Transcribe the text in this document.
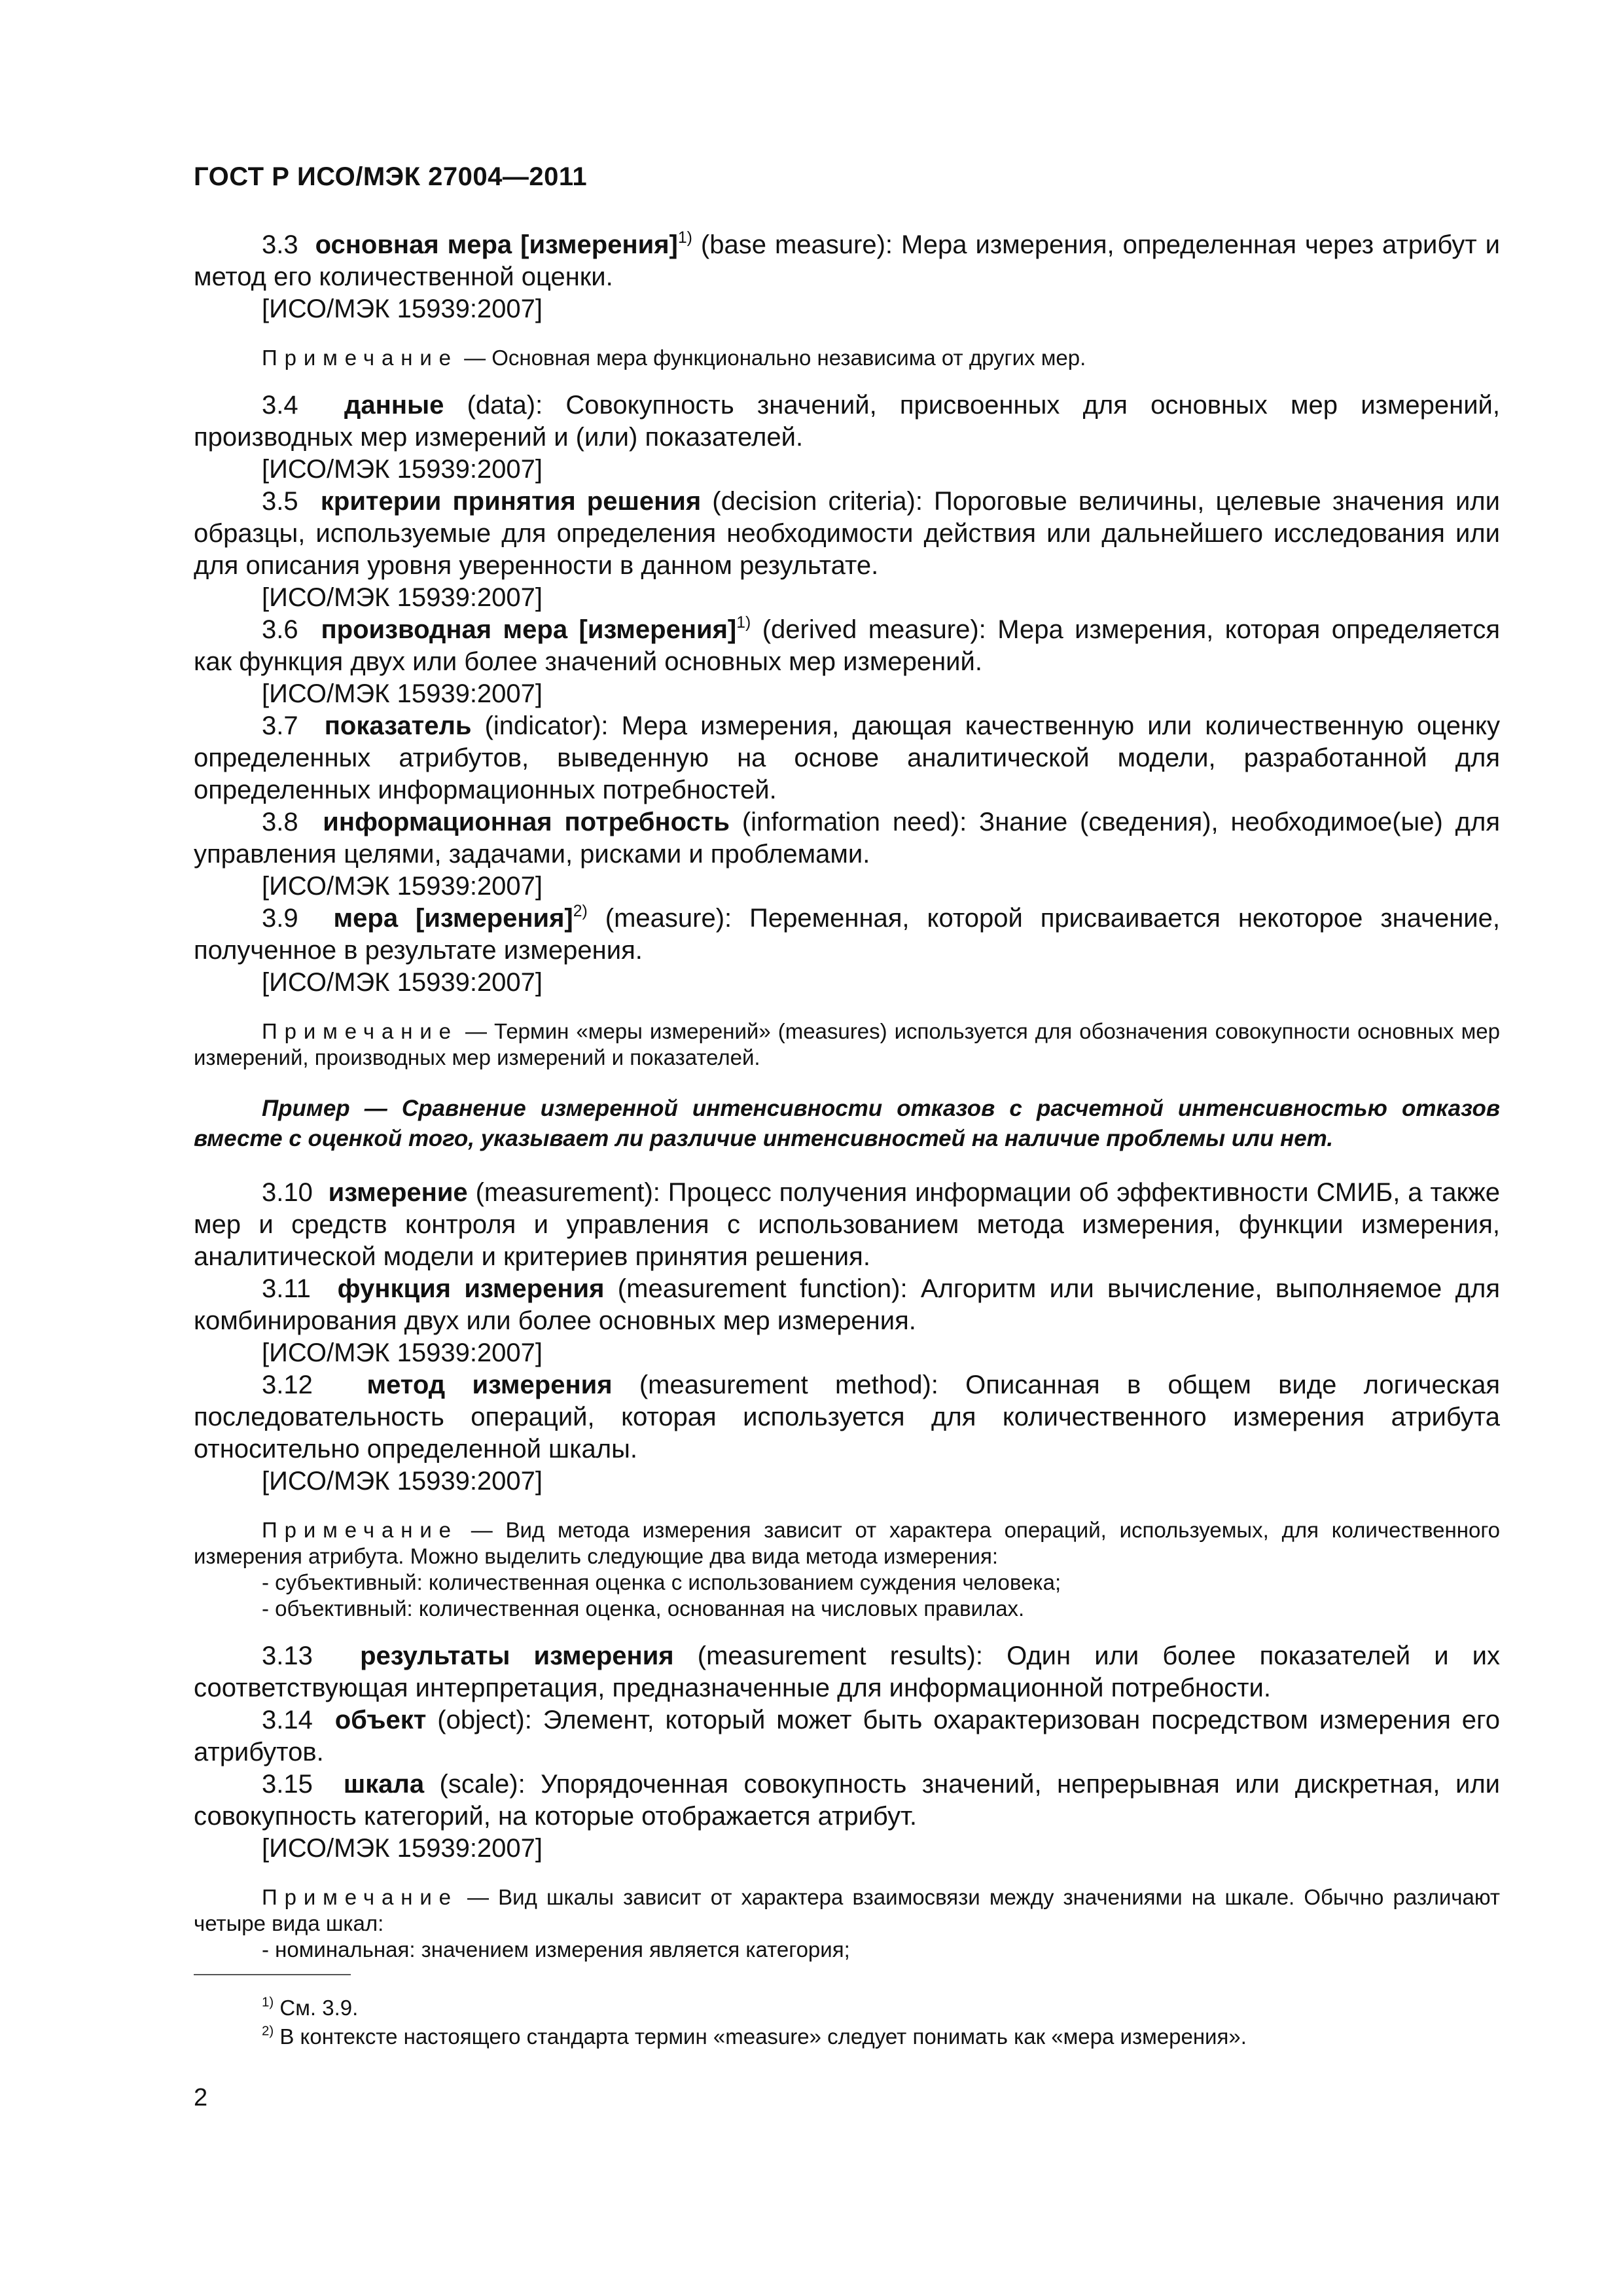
ГОСТ Р ИСО/МЭК 27004—2011

3.3 основная мера [измерения]$^{1)}$ (base measure): Мера измерения, определенная через атрибут и метод его количественной оценки.

[ИСО/МЭК 15939:2007]

Примечание — Основная мера функционально независима от других мер.

3.4 данные (data): Совокупность значений, присвоенных для основных мер измерений, производных мер измерений и (или) показателей.

[ИСО/МЭК 15939:2007]

3.5 критерии принятия решения (decision criteria): Пороговые величины, целевые значения или образцы, используемые для определения необходимости действия или дальнейшего исследования или для описания уровня уверенности в данном результате.

[ИСО/МЭК 15939:2007]

3.6 производная мера [измерения]$^{1)}$ (derived measure): Мера измерения, которая определяется как функция двух или более значений основных мер измерений.

[ИСО/МЭК 15939:2007]

3.7 показатель (indicator): Мера измерения, дающая качественную или количественную оценку определенных атрибутов, выведенную на основе аналитической модели, разработанной для определенных информационных потребностей.

3.8 информационная потребность (information need): Знание (сведения), необходимое(ые) для управления целями, задачами, рисками и проблемами.

[ИСО/МЭК 15939:2007]

3.9 мера [измерения]$^{2)}$ (measure): Переменная, которой присваивается некоторое значение, полученное в результате измерения.

[ИСО/МЭК 15939:2007]

Примечание — Термин «меры измерений» (measures) используется для обозначения совокупности основных мер измерений, производных мер измерений и показателей.

Пример — Сравнение измеренной интенсивности отказов с расчетной интенсивностью отказов вместе с оценкой того, указывает ли различие интенсивностей на наличие проблемы или нет.

3.10 измерение (measurement): Процесс получения информации об эффективности СМИБ, а также мер и средств контроля и управления с использованием метода измерения, функции измерения, аналитической модели и критериев принятия решения.

3.11 функция измерения (measurement function): Алгоритм или вычисление, выполняемое для комбинирования двух или более основных мер измерения.

[ИСО/МЭК 15939:2007]

3.12 метод измерения (measurement method): Описанная в общем виде логическая последовательность операций, которая используется для количественного измерения атрибута относительно определенной шкалы.

[ИСО/МЭК 15939:2007]

Примечание — Вид метода измерения зависит от характера операций, используемых, для количественного измерения атрибута. Можно выделить следующие два вида метода измерения:

- субъективный: количественная оценка с использованием суждения человека;

- объективный: количественная оценка, основанная на числовых правилах.

3.13 результаты измерения (measurement results): Один или более показателей и их соответствующая интерпретация, предназначенные для информационной потребности.

3.14 объект (object): Элемент, который может быть охарактеризован посредством измерения его атрибутов.

3.15 шкала (scale): Упорядоченная совокупность значений, непрерывная или дискретная, или совокупность категорий, на которые отображается атрибут.

[ИСО/МЭК 15939:2007]

Примечание — Вид шкалы зависит от характера взаимосвязи между значениями на шкале. Обычно различают четыре вида шкал:

- номинальная: значением измерения является категория;

$^{1)}$ См. 3.9.

$^{2)}$ В контексте настоящего стандарта термин «measure» следует понимать как «мера измерения».

2
